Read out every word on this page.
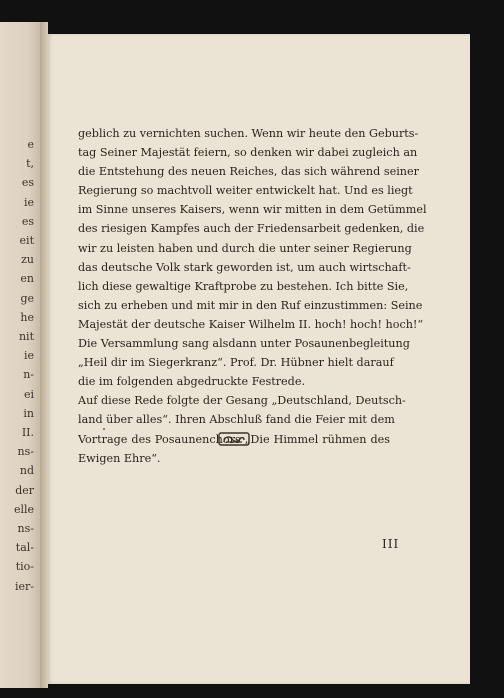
e
t,
es
ie
es
eit
zu
en
ge
he
nit
ie
n-
ei
in
II.
ns-
nd
der
elle
ns-
tal-
tio-
ier-
geblich zu vernichten suchen. Wenn wir heute den Geburts-
tag Seiner Majestät feiern, so denken wir dabei zugleich an
die Entstehung des neuen Reiches, das sich während seiner
Regierung so machtvoll weiter entwickelt hat. Und es liegt
im Sinne unseres Kaisers, wenn wir mitten in dem Getümmel
des riesigen Kampfes auch der Friedensarbeit gedenken, die
wir zu leisten haben und durch die unter seiner Regierung
das deutsche Volk stark geworden ist, um auch wirtschaft-
lich diese gewaltige Kraftprobe zu bestehen. Ich bitte Sie,
sich zu erheben und mit mir in den Ruf einzustimmen: Seine
Majestät der deutsche Kaiser Wilhelm II. hoch! hoch! hoch!“
Die Versammlung sang alsdann unter Posaunenbegleitung
„Heil dir im Siegerkranz“. Prof. Dr. Hübner hielt darauf
die im folgenden abgedruckte Festrede.
Auf diese Rede folgte der Gesang „Deutschland, Deutsch-
land über alles“. Ihren Abschluß fand die Feier mit dem
Vortrage des Posaunenchors „Die Himmel rühmen des
Ewigen Ehre“.
III
